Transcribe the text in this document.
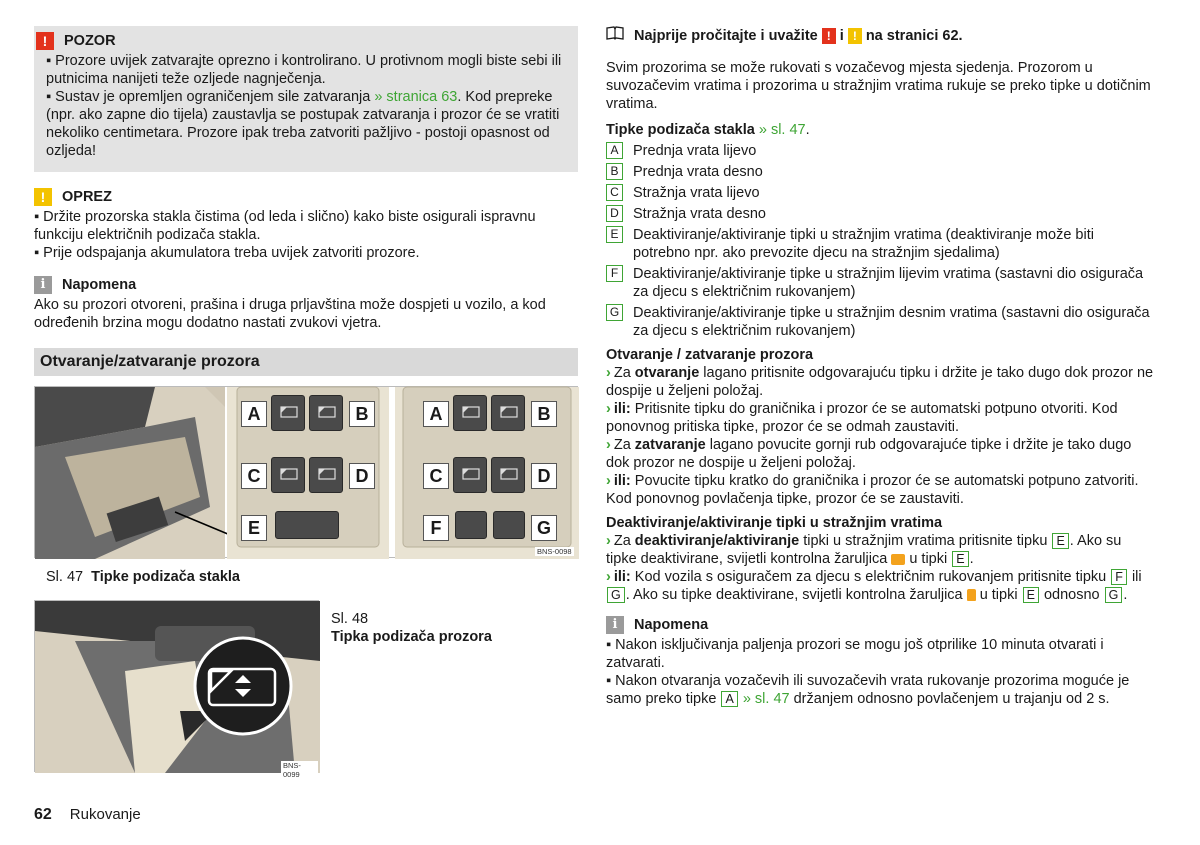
!	POZOR

▪ Prozore uvijek zatvarajte oprezno i kontrolirano. U protivnom mogli biste sebi ili putnicima nanijeti teže ozljede nagnječenja.

▪ Sustav je opremljen ograničenjem sile zatvaranja » stranica 63. Kod prepreke (npr. ako zapne dio tijela) zaustavlja se postupak zatvaranja i prozor će se vratiti nekoliko centimetara. Prozore ipak treba zatvoriti pažljivo - postoji opasnost od ozljeda!

!	OPREZ

▪ Držite prozorska stakla čistima (od leda i slično) kako biste osigurali ispravnu funkciju električnih podizača stakla.

▪ Prije odspajanja akumulatora treba uvijek zatvoriti prozore.

i	Napomena

Ako su prozori otvoreni, prašina i druga prljavština može dospjeti u vozilo, a kod određenih brzina mogu dodatno nastati zvukovi vjetra.

Otvaranje/zatvaranje prozora
A	B
C	D
E
A	B
C	D
F	G
BNS-0098
Sl. 47 Tipke podizača stakla
BNS-0099
Sl. 48
Tipka podizača prozora

Najprije pročitajte i uvažite
! i
! na stranici 62.

Svim prozorima se može rukovati s vozačevog mjesta sjedenja. Prozorom u suvozačevim vratima i prozorima u stražnjim vratima rukuje se preko tipke u dotičnim vratima.

Tipke podizača stakla » sl. 47.

A	Prednja vrata lijevo
B	Prednja vrata desno
C Stražnja vrata lijevo
D Stražnja vrata desno
E	Deaktiviranje/aktiviranje tipki u stražnjim vratima (deaktiviranje može biti potrebno npr. ako prevozite djecu na stražnjim sjedalima)
F	Deaktiviranje/aktiviranje tipke u stražnjim lijevim vratima (sastavni dio osigurača za djecu s električnim rukovanjem)
G Deaktiviranje/aktiviranje tipke u stražnjim desnim vratima (sastavni dio osigurača za djecu s električnim rukovanjem)

Otvaranje / zatvaranje prozora

› Za otvaranje lagano pritisnite odgovarajuću tipku i držite je tako dugo dok prozor ne dospije u željeni položaj.

› ili: Pritisnite tipku do graničnika i prozor će se automatski potpuno otvoriti. Kod ponovnog pritiska tipke, prozor će se odmah zaustaviti.

› Za zatvaranje lagano povucite gornji rub odgovarajuće tipke i držite je tako dugo dok prozor ne dospije u željeni položaj.

› ili: Povucite tipku kratko do graničnika i prozor će se automatski potpuno zatvoriti. Kod ponovnog povlačenja tipke, prozor će se zaustaviti.

Deaktiviranje/aktiviranje tipki u stražnjim vratima

› Za deaktiviranje/aktiviranje tipki u stražnjim vratima pritisnite tipku E . Ako su tipke deaktivirane, svijetli kontrolna žaruljica u tipki E .

› ili: Kod vozila s osiguračem za djecu s električnim rukovanjem pritisnite tipku F ili G . Ako su tipke deaktivirane, svijetli kontrolna žaruljica u tipki E odnosno G .

i	Napomena

▪ Nakon isključivanja paljenja prozori se mogu još otprilike 10 minuta otvarati i zatvarati.

▪ Nakon otvaranja vozačevih ili suvozačevih vrata rukovanje prozorima moguće je samo preko tipke A » sl. 47 držanjem odnosno povlačenjem u trajanju od 2 s.

62 Rukovanje
